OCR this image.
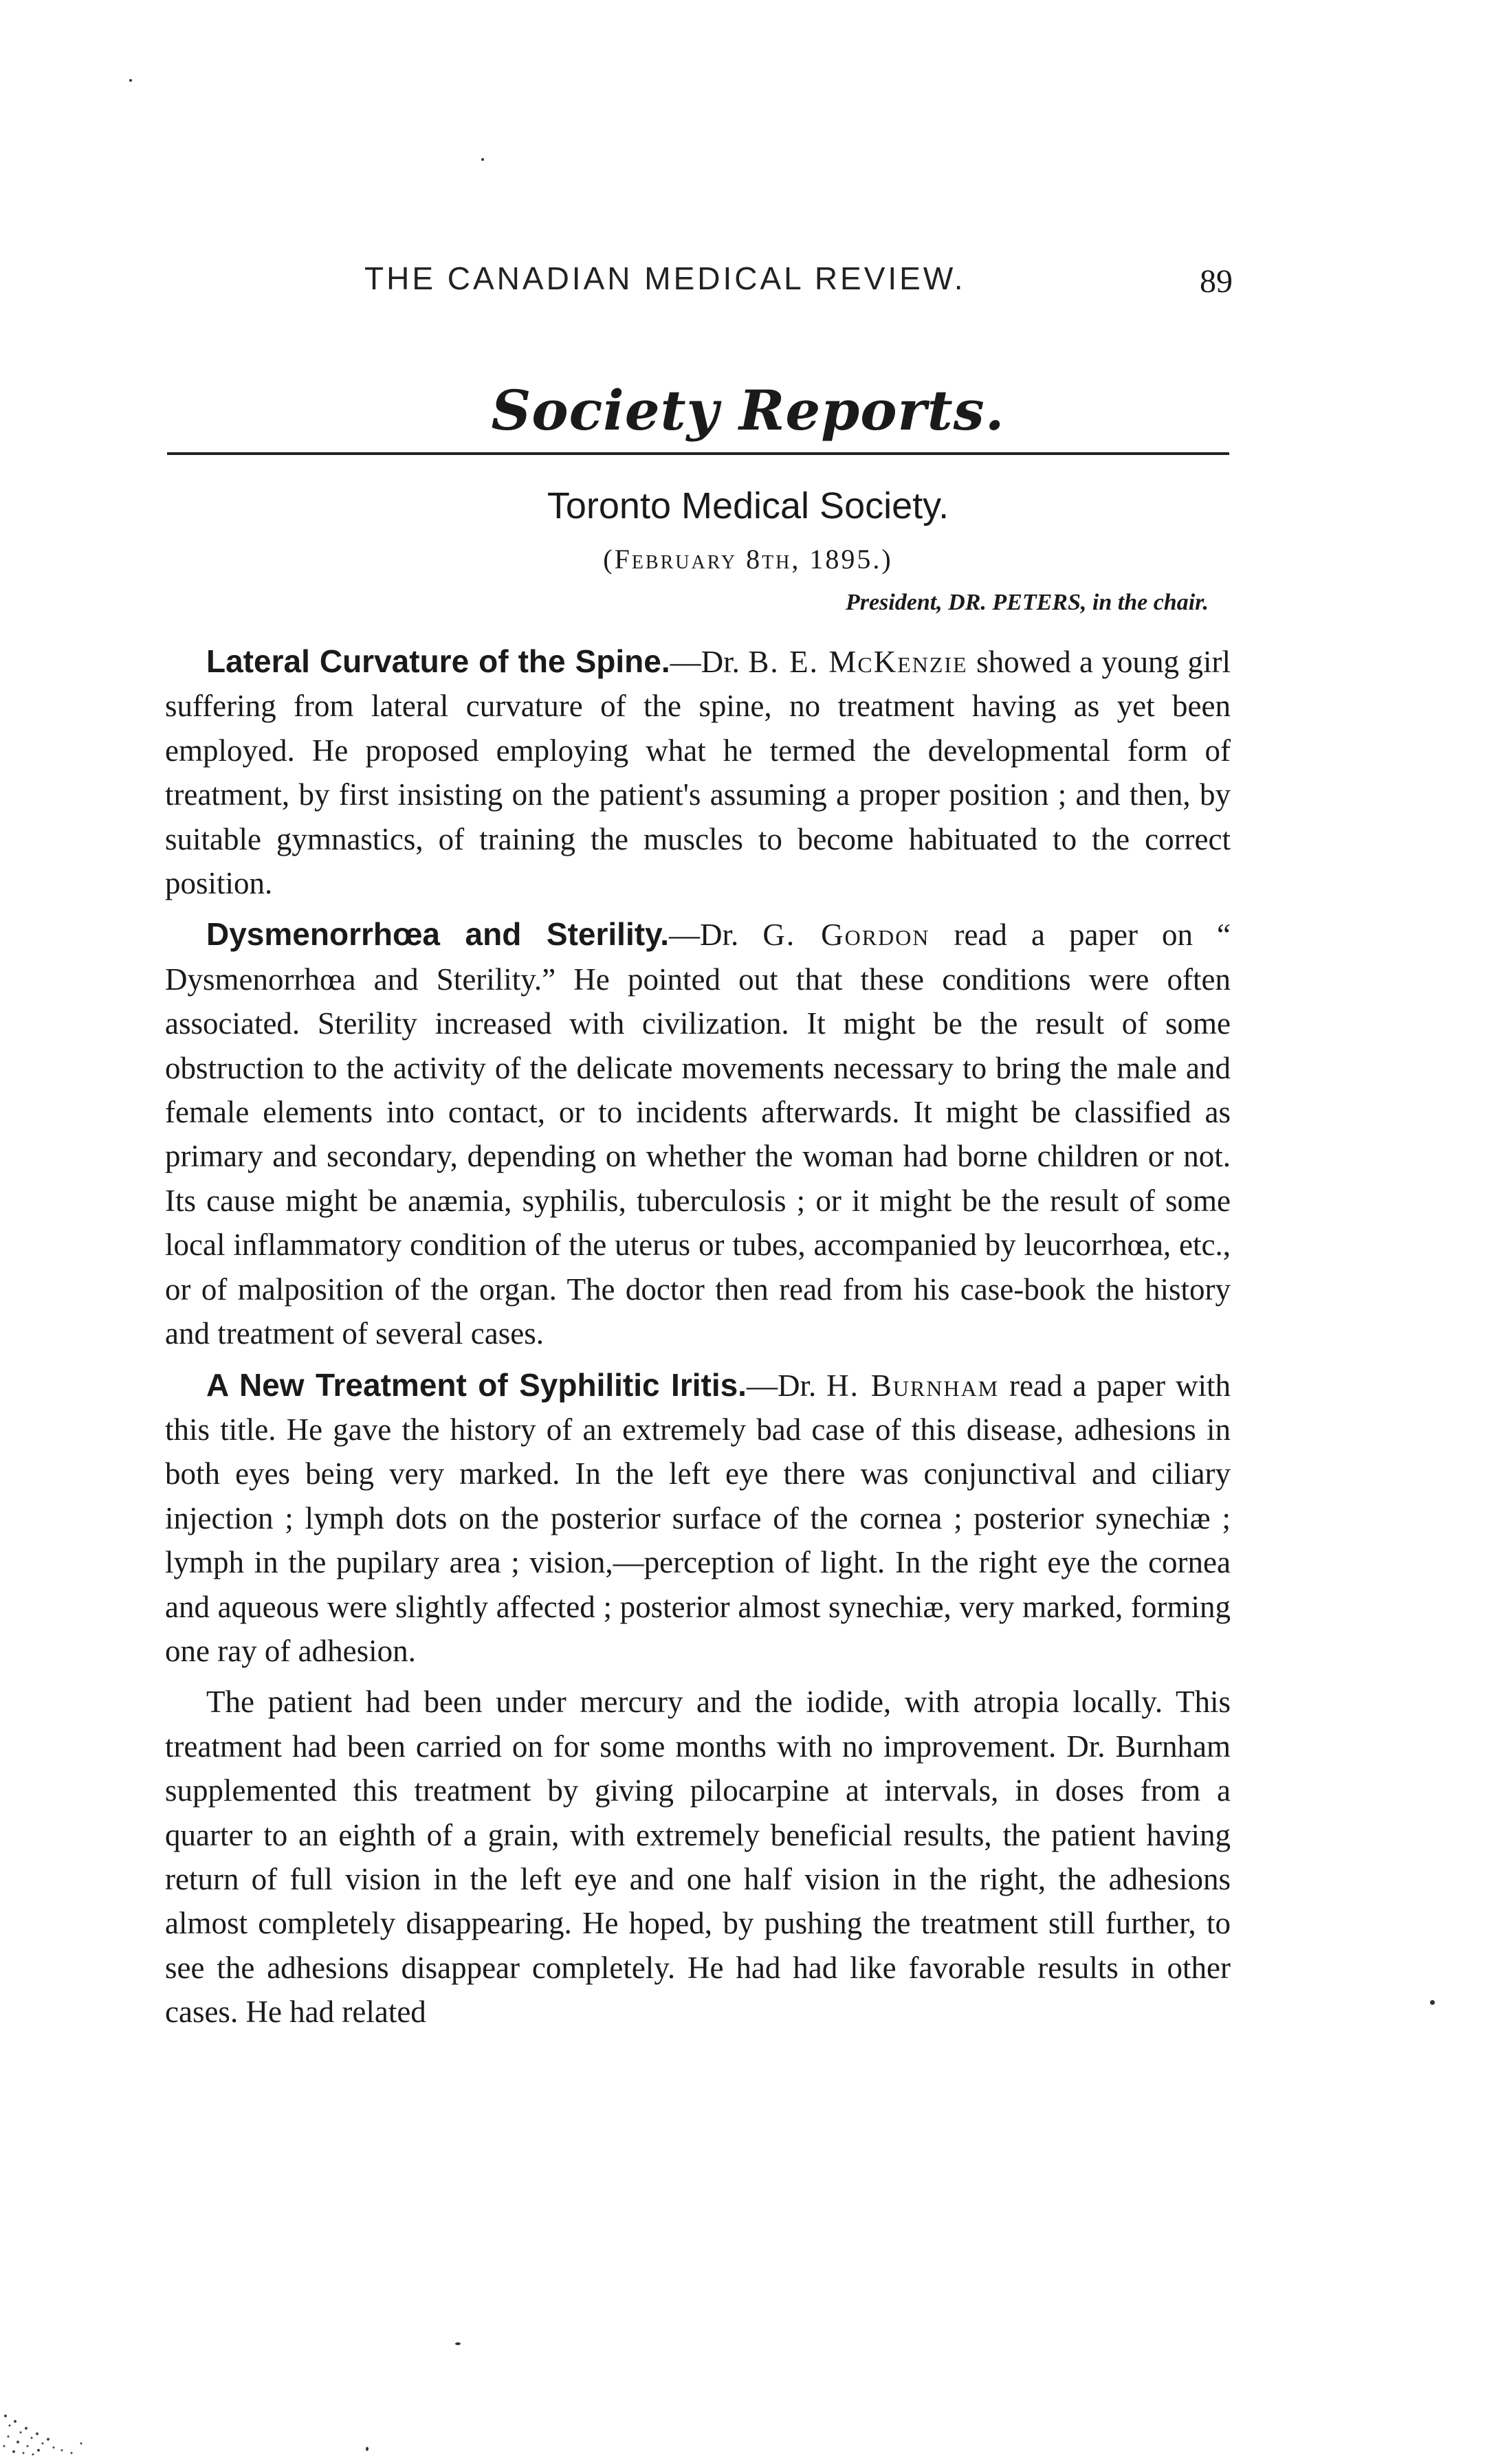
THE CANADIAN MEDICAL REVIEW.	89
Society Reports.
Toronto Medical Society.
(February 8th, 1895.)
President, DR. PETERS, in the chair.

Lateral Curvature of the Spine.—Dr. B. E. McKenzie showed a young girl suffering from lateral curvature of the spine, no treatment having as yet been employed. He proposed employing what he termed the developmental form of treatment, by first insisting on the patient's assuming a proper position ; and then, by suitable gymnastics, of training the muscles to become habituated to the correct position.

Dysmenorrhœa and Sterility.—Dr. G. Gordon read a paper on “ Dysmenorrhœa and Sterility.” He pointed out that these conditions were often associated. Sterility increased with civilization. It might be the result of some obstruction to the activity of the delicate movements necessary to bring the male and female elements into contact, or to incidents afterwards. It might be classified as primary and secondary, depending on whether the woman had borne children or not. Its cause might be anæmia, syphilis, tuberculosis ; or it might be the result of some local inflammatory condition of the uterus or tubes, accompanied by leucorrhœa, etc., or of malposition of the organ. The doctor then read from his case-book the history and treatment of several cases.

A New Treatment of Syphilitic Iritis.—Dr. H. Burnham read a paper with this title. He gave the history of an extremely bad case of this disease, adhesions in both eyes being very marked. In the left eye there was conjunctival and ciliary injection ; lymph dots on the posterior surface of the cornea ; posterior synechiæ ; lymph in the pupilary area ; vision,—perception of light. In the right eye the cornea and aqueous were slightly affected ; posterior almost synechiæ, very marked, forming one ray of adhesion.

The patient had been under mercury and the iodide, with atropia locally. This treatment had been carried on for some months with no improvement. Dr. Burnham supplemented this treatment by giving pilocarpine at intervals, in doses from a quarter to an eighth of a grain, with extremely beneficial results, the patient having return of full vision in the left eye and one half vision in the right, the adhesions almost completely disappearing. He hoped, by pushing the treatment still further, to see the adhesions disappear completely. He had had like favorable results in other cases. He had related
